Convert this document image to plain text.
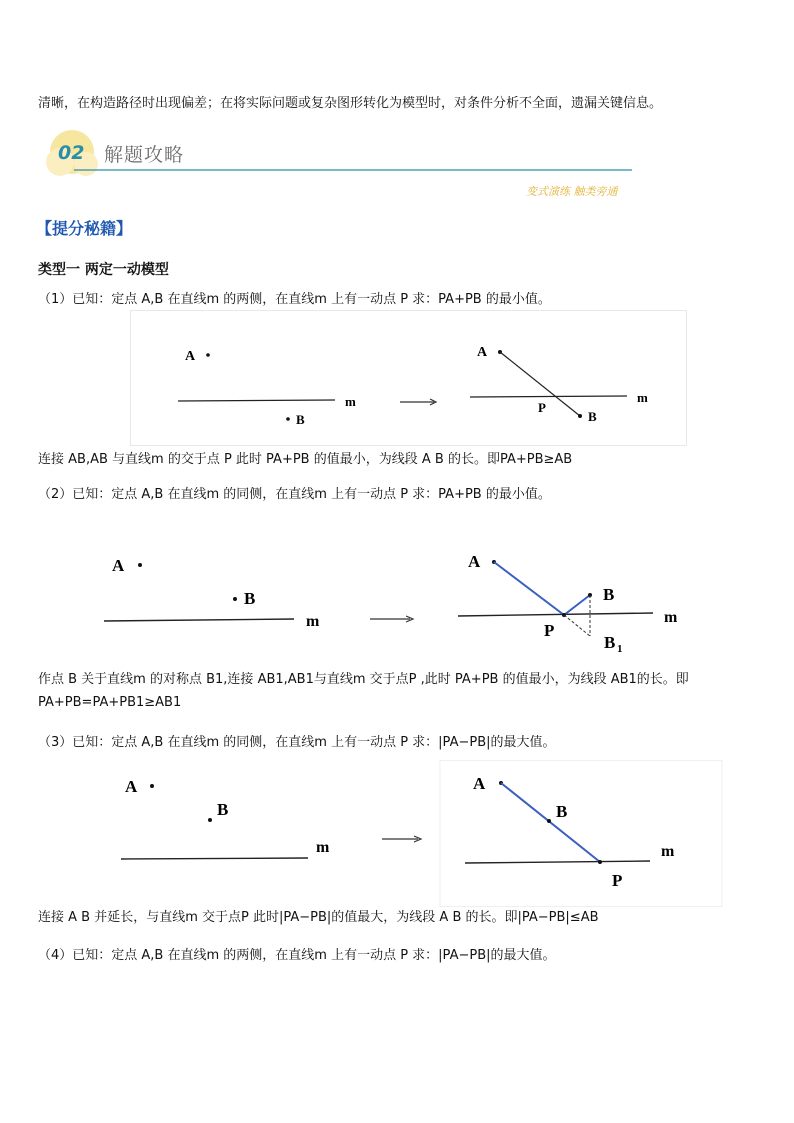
清晰，在构造路径时出现偏差；在将实际问题或复杂图形转化为模型时，对条件分析不全面，遗漏关键信息。
02 解题攻略
变式演练 触类旁通
【提分秘籍】
类型一 两定一动模型
（1）已知：定点 A,B 在直线m 的两侧，在直线m 上有一动点 P 求：PA+PB 的最小值。
A
m
B
A
m
P
B
连接 AB,AB 与直线m 的交于点 P 此时 PA+PB 的值最小，为线段 A B 的长。即PA+PB≥AB
（2）已知：定点 A,B 在直线m 的同侧，在直线m 上有一动点 P 求：PA+PB 的最小值。
A
B
m
A
m
B
P
B 1
作点 B 关于直线m 的对称点 B1,连接 AB1,AB1与直线m 交于点P ,此时 PA+PB 的值最小，为线段 AB1的长。即
PA+PB=PA+PB1≥AB1
（3）已知：定点 A,B 在直线m 的同侧，在直线m 上有一动点 P 求：|PA−PB|的最大值。
A
B
m
A
m
B
P
连接 A B 并延长，与直线m 交于点P 此时|PA−PB|的值最大，为线段 A B 的长。即|PA−PB|≤AB
（4）已知：定点 A,B 在直线m 的两侧，在直线m 上有一动点 P 求：|PA−PB|的最大值。
